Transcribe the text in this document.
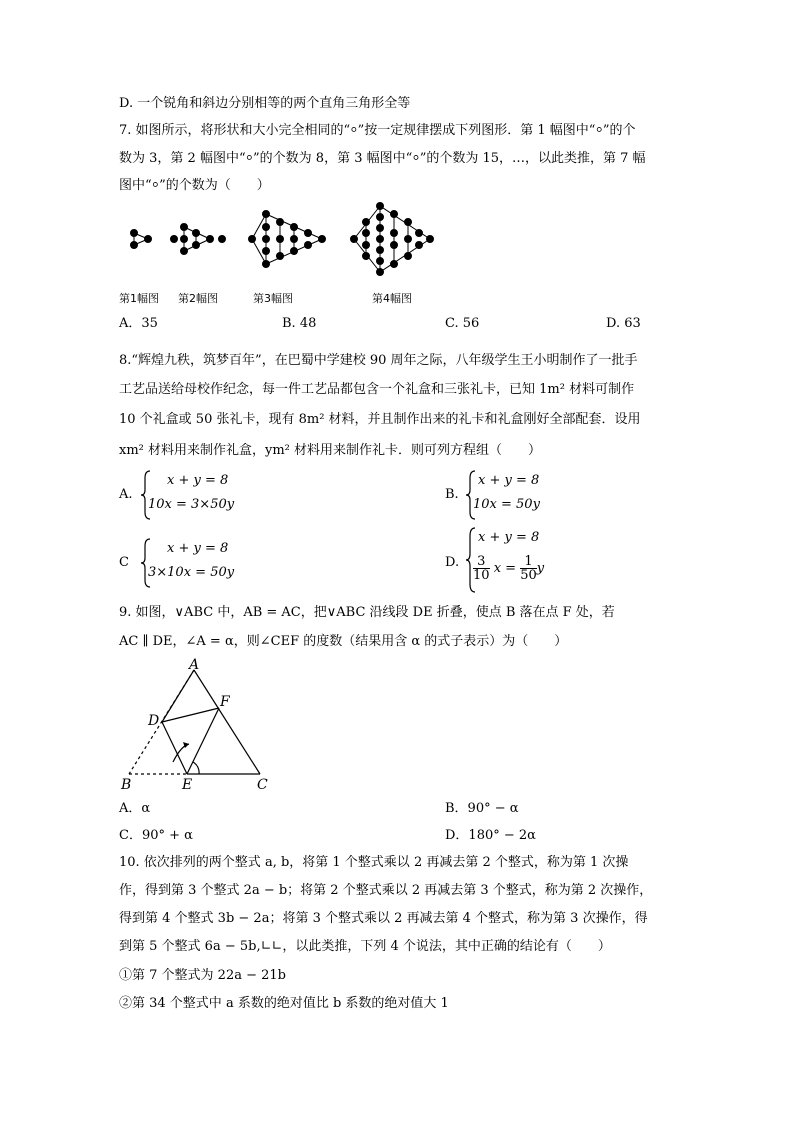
D. 一个锐角和斜边分别相等的两个直角三角形全等
7. 如图所示，将形状和大小完全相同的“⸰”按一定规律摆成下列图形．第 1 幅图中“⸰”的个
数为 3，第 2 幅图中“⸰”的个数为 8，第 3 幅图中“⸰”的个数为 15，…，以此类推，第 7 幅
图中“⸰”的个数为（　　）
第1幅图 第2幅图	第3幅图	第4幅图
A．35	B. 48	C. 56	D. 63
8.“辉煌九秩，筑梦百年”，在巴蜀中学建校 90 周年之际，八年级学生王小明制作了一批手
工艺品送给母校作纪念，每一件工艺品都包含一个礼盒和三张礼卡，已知 1m² 材料可制作
10 个礼盒或 50 张礼卡，现有 8m² 材料，并且制作出来的礼卡和礼盒刚好全部配套．设用
xm² 材料用来制作礼盒，ym² 材料用来制作礼卡．则可列方程组（　　）
A.
x + y = 8
10x = 3×50y
B.
x + y = 8
10x = 50y
C
x + y = 8
3×10x = 50y
D.
x + y = 8
$\frac{3}{10}$ $x = \frac{1}{50}$ y
9. 如图，∨ABC 中，AB = AC，把∨ABC 沿线段 DE 折叠，使点 B 落在点 F 处，若
AC ∥ DE，∠A = α，则∠CEF 的度数（结果用含 α 的式子表示）为（　　）
A
D
F
B	E	C
A．α	B．90° − α
C．90° + α	D．180° − 2α
10. 依次排列的两个整式 a, b，将第 1 个整式乘以 2 再减去第 2 个整式，称为第 1 次操
作，得到第 3 个整式 2a − b；将第 2 个整式乘以 2 再减去第 3 个整式，称为第 2 次操作，
得到第 4 个整式 3b − 2a；将第 3 个整式乘以 2 再减去第 4 个整式，称为第 3 次操作，得
到第 5 个整式 6a − 5b,∟∟，以此类推，下列 4 个说法，其中正确的结论有（　　）
①第 7 个整式为 22a − 21b
②第 34 个整式中 a 系数的绝对值比 b 系数的绝对值大 1
